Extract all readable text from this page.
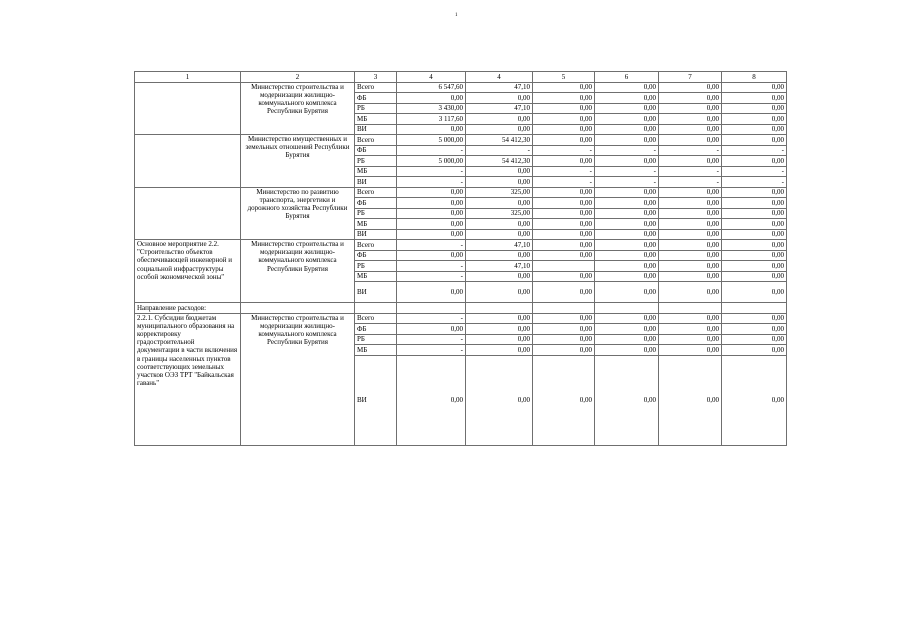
1
1	2	3	4	4	5	6	7	8
	Министерство строительства и модернизации жилищно-коммунального комплекса Республики Бурятия	Всего	6 547,60	47,10	0,00	0,00	0,00	0,00
		ФБ	0,00	0,00	0,00	0,00	0,00	0,00
		РБ	3 430,00	47,10	0,00	0,00	0,00	0,00
		МБ	3 117,60	0,00	0,00	0,00	0,00	0,00
		ВИ	0,00	0,00	0,00	0,00	0,00	0,00
	Министерство имущественных и земельных отношений Республики Бурятия	Всего	5 000,00	54 412,30	0,00	0,00	0,00	0,00
		ФБ	-	-	-	-	-	-
		РБ	5 000,00	54 412,30	0,00	0,00	0,00	0,00
		МБ	-	0,00	-	-	-	-
		ВИ	-	0,00	-	-	-	-
	Министерство по развитию транспорта, энергетики и дорожного хозяйства Республики Бурятия	Всего	0,00	325,00	0,00	0,00	0,00	0,00
		ФБ	0,00	0,00	0,00	0,00	0,00	0,00
		РБ	0,00	325,00	0,00	0,00	0,00	0,00
		МБ	0,00	0,00	0,00	0,00	0,00	0,00
		ВИ	0,00	0,00	0,00	0,00	0,00	0,00
Основное мероприятие 2.2. "Строительство объектов обеспечивающей инженерной и социальной инфраструктуры особой экономической зоны"	Министерство строительства и модернизации жилищно-коммунального комплекса Республики Бурятия	Всего	-	47,10	0,00	0,00	0,00	0,00
		ФБ	0,00	0,00	0,00	0,00	0,00	0,00
		РБ	-	47,10		0,00	0,00	0,00
		МБ	-	0,00	0,00	0,00	0,00	0,00
		ВИ	0,00	0,00	0,00	0,00	0,00	0,00
Направление расходов:								
2.2.1. Субсидии бюджетам муниципального образования на корректировку градостроительной документации в части включения в границы населенных пунктов соответствующих земельных участков ОЭЗ ТРТ "Байкальская гавань"	Министерство строительства и модернизации жилищно-коммунального комплекса Республики Бурятия	Всего	-	0,00	0,00	0,00	0,00	0,00
		ФБ	0,00	0,00	0,00	0,00	0,00	0,00
		РБ	-	0,00	0,00	0,00	0,00	0,00
		МБ	-	0,00	0,00	0,00	0,00	0,00
		ВИ	0,00	0,00	0,00	0,00	0,00	0,00
